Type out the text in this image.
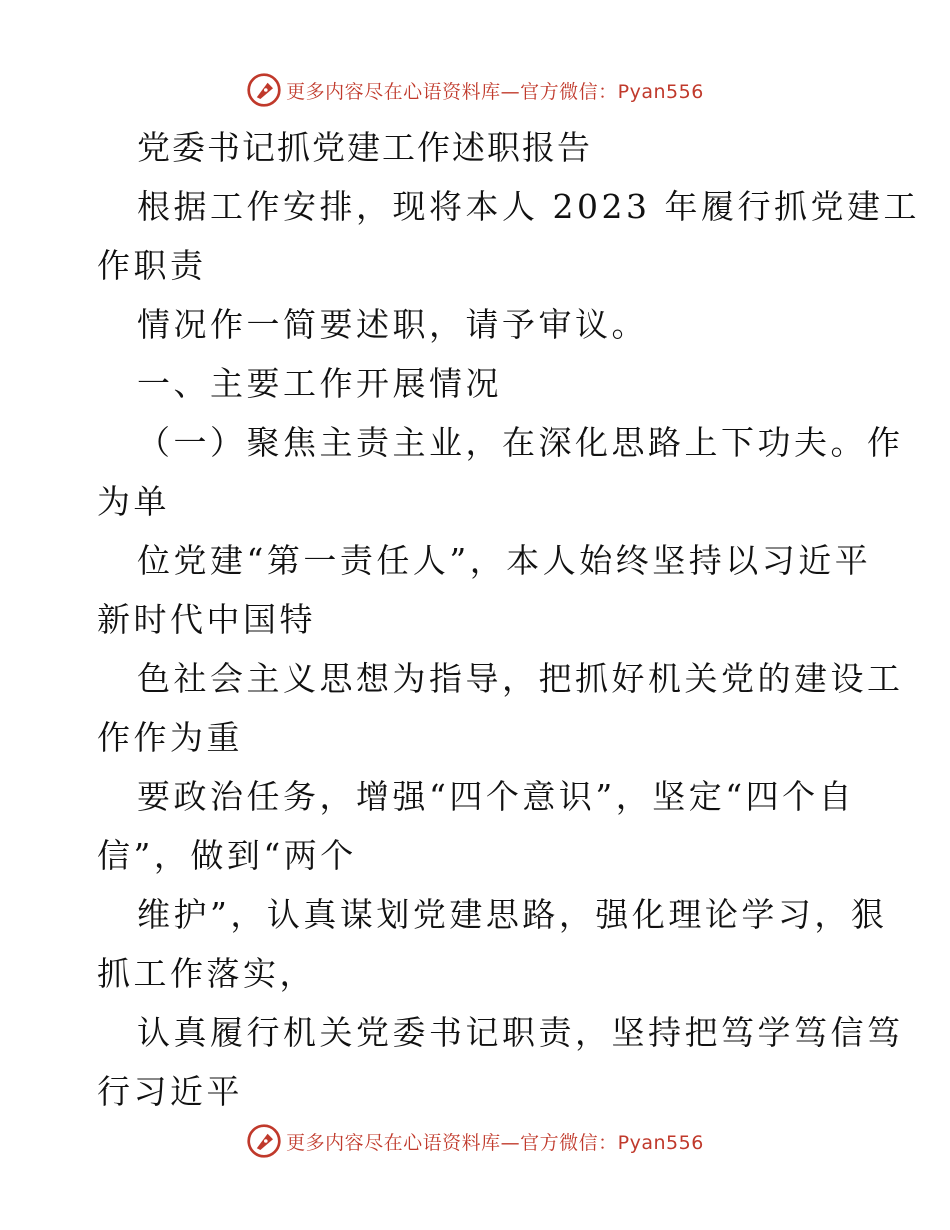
更多内容尽在心语资料库—官方微信：Pyan556
党委书记抓党建工作述职报告
根据工作安排，现将本人 2023 年履行抓党建工
作职责
情况作一简要述职，请予审议。
一、主要工作开展情况
（一）聚焦主责主业，在深化思路上下功夫。作
为单
位党建“第一责任人”，本人始终坚持以习近平
新时代中国特
色社会主义思想为指导，把抓好机关党的建设工
作作为重
要政治任务，增强“四个意识”，坚定“四个自
信”，做到“两个
维护”，认真谋划党建思路，强化理论学习，狠
抓工作落实，
认真履行机关党委书记职责，坚持把笃学笃信笃
行习近平
更多内容尽在心语资料库—官方微信：Pyan556
